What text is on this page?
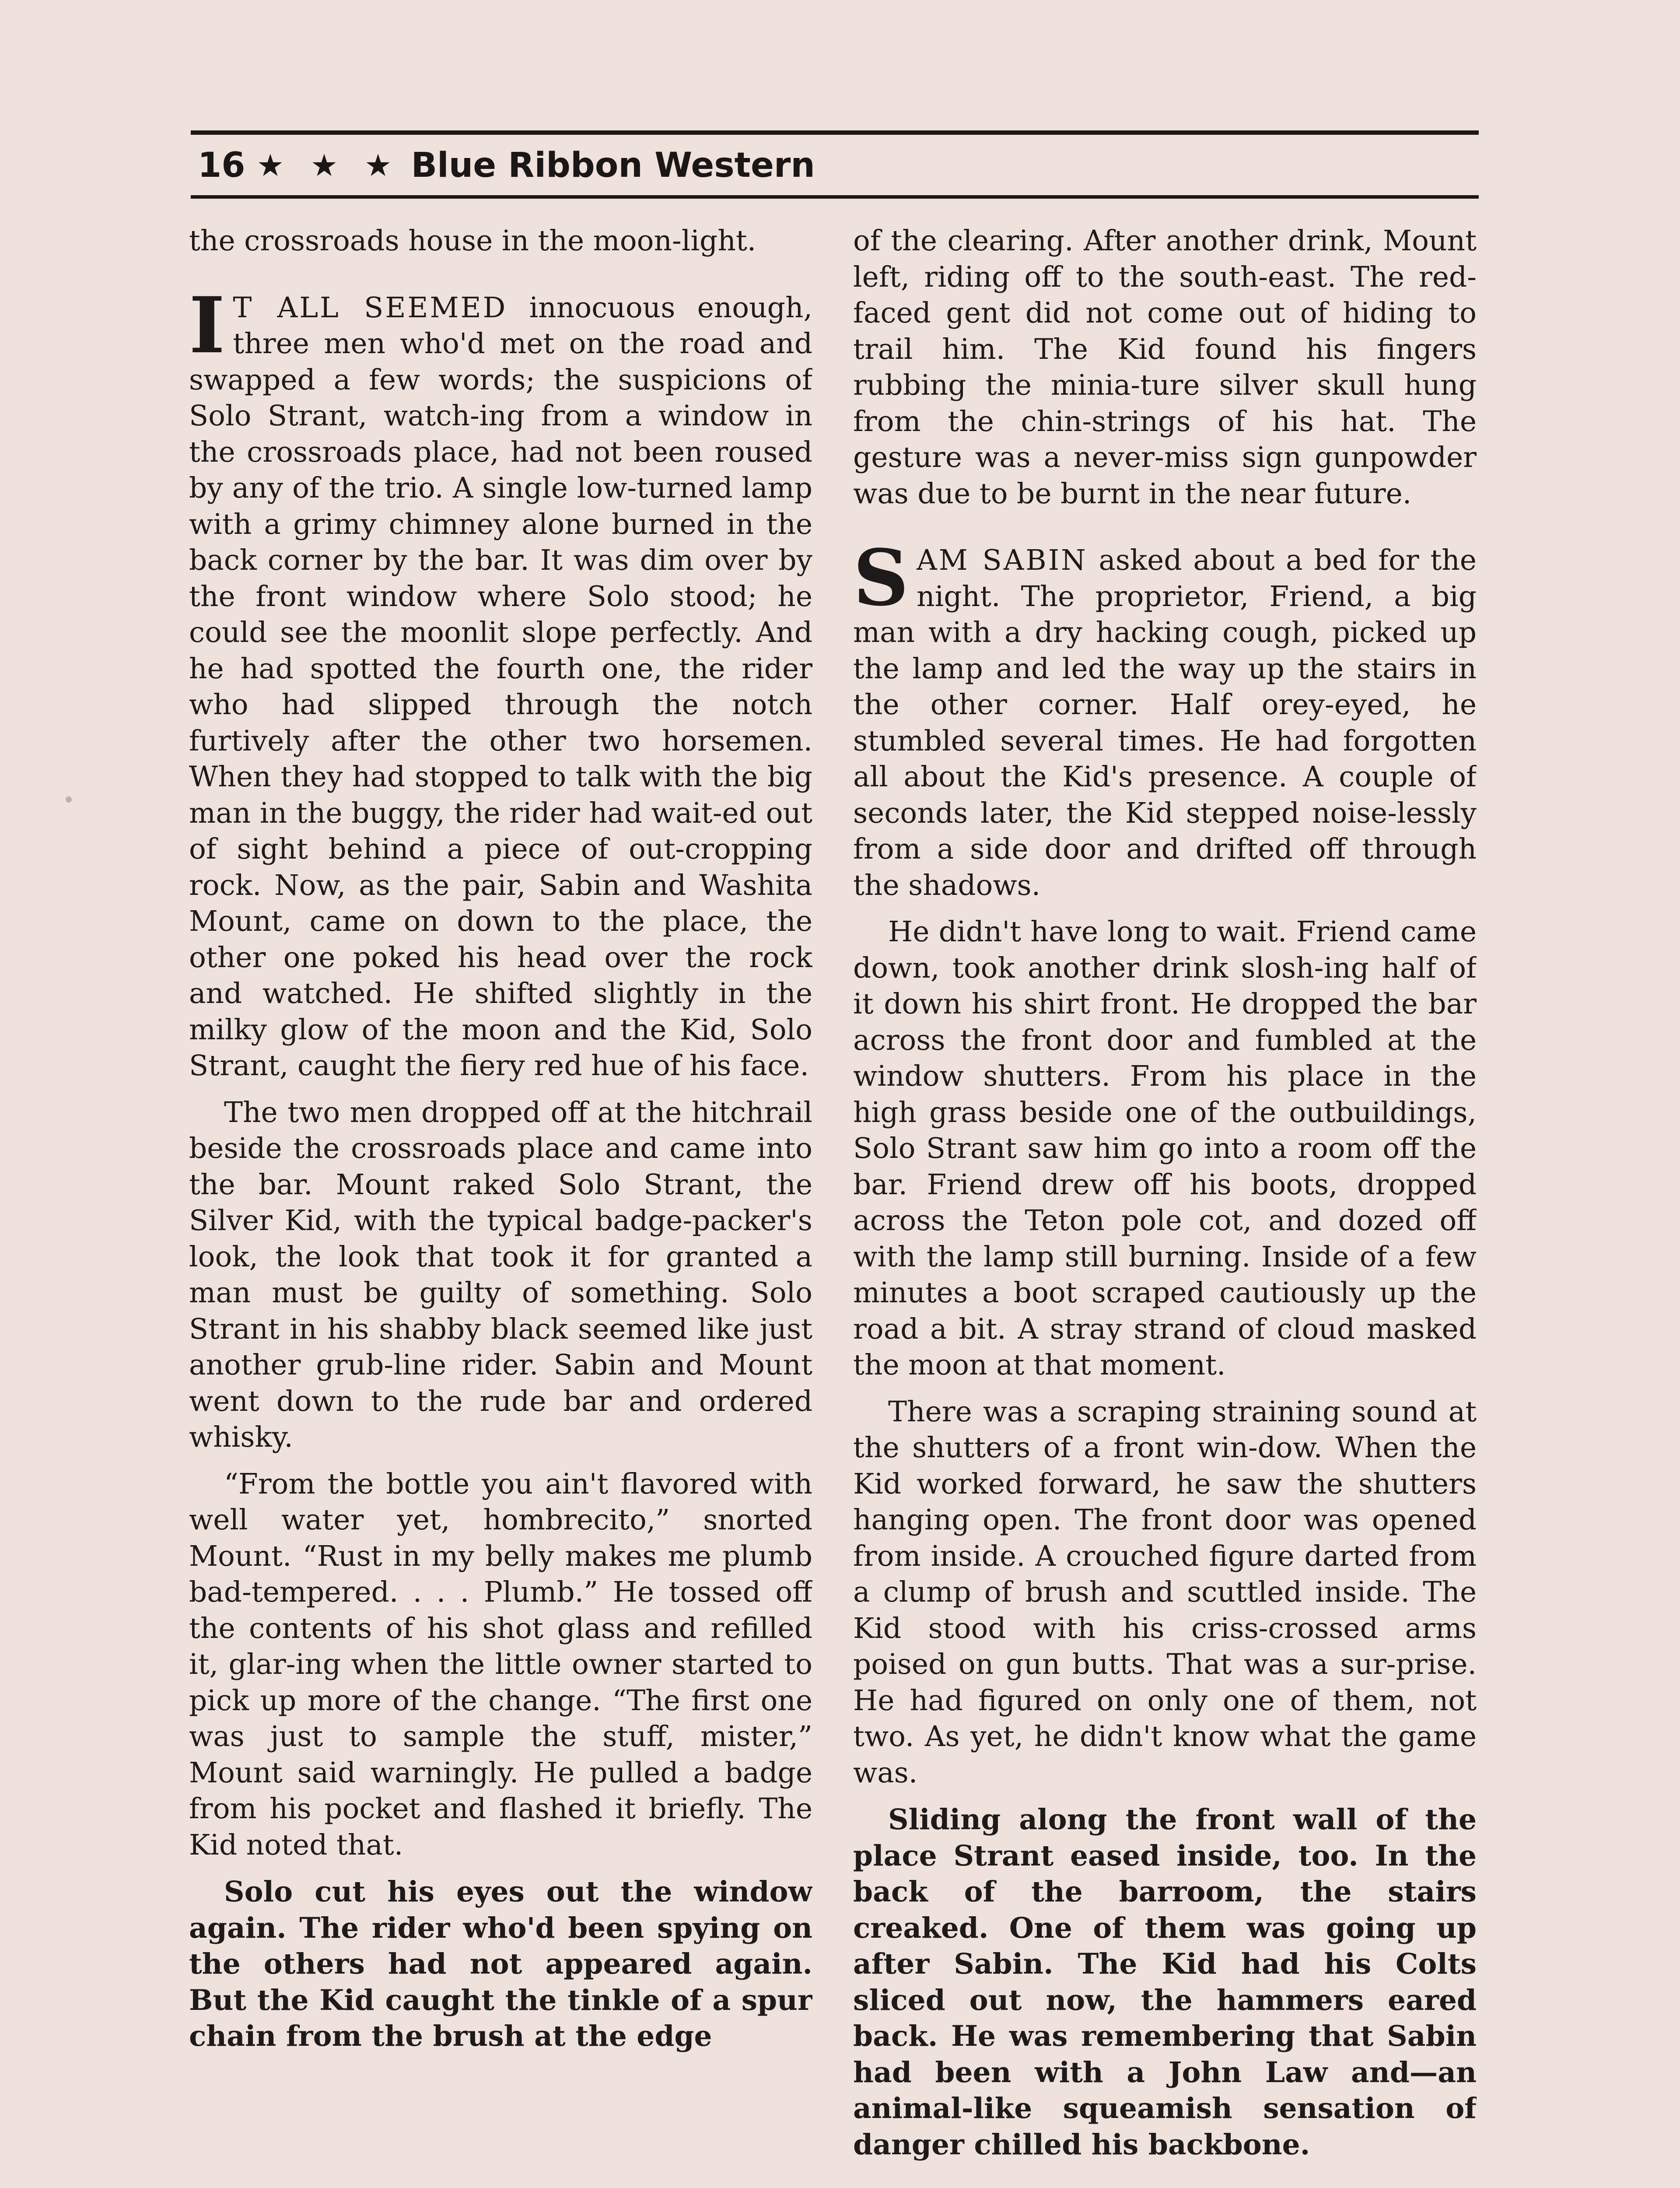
16 ★ ★ ★ Blue Ribbon Western

the crossroads house in the moon-light.

I T ALL SEEMED innocuous enough, three men who'd met on the road and swapped a few words; the suspicions of Solo Strant, watch-ing from a window in the crossroads place, had not been roused by any of the trio. A single low-turned lamp with a grimy chimney alone burned in the back corner by the bar. It was dim over by the front window where Solo stood; he could see the moonlit slope perfectly. And he had spotted the fourth one, the rider who had slipped through the notch furtively after the other two horsemen. When they had stopped to talk with the big man in the buggy, the rider had wait-ed out of sight behind a piece of out-cropping rock. Now, as the pair, Sabin and Washita Mount, came on down to the place, the other one poked his head over the rock and watched. He shifted slightly in the milky glow of the moon and the Kid, Solo Strant, caught the fiery red hue of his face.

The two men dropped off at the hitchrail beside the crossroads place and came into the bar. Mount raked Solo Strant, the Silver Kid, with the typical badge-packer's look, the look that took it for granted a man must be guilty of something. Solo Strant in his shabby black seemed like just another grub-line rider. Sabin and Mount went down to the rude bar and ordered whisky.

“From the bottle you ain't flavored with well water yet, hombrecito,” snorted Mount. “Rust in my belly makes me plumb bad-tempered. . . . Plumb.” He tossed off the contents of his shot glass and refilled it, glar-ing when the little owner started to pick up more of the change. “The first one was just to sample the stuff, mister,” Mount said warningly. He pulled a badge from his pocket and flashed it briefly. The Kid noted that.

Solo cut his eyes out the window again. The rider who'd been spying on the others had not appeared again. But the Kid caught the tinkle of a spur chain from the brush at the edge

of the clearing. After another drink, Mount left, riding off to the south-east. The red-faced gent did not come out of hiding to trail him. The Kid found his fingers rubbing the minia-ture silver skull hung from the chin-strings of his hat. The gesture was a never-miss sign gunpowder was due to be burnt in the near future.

SAM SABIN asked about a bed for the night. The proprietor, Friend, a big man with a dry hacking cough, picked up the lamp and led the way up the stairs in the other corner. Half orey-eyed, he stumbled several times. He had forgotten all about the Kid's presence. A couple of seconds later, the Kid stepped noise-lessly from a side door and drifted off through the shadows.

He didn't have long to wait. Friend came down, took another drink slosh-ing half of it down his shirt front. He dropped the bar across the front door and fumbled at the window shutters. From his place in the high grass beside one of the outbuildings, Solo Strant saw him go into a room off the bar. Friend drew off his boots, dropped across the Teton pole cot, and dozed off with the lamp still burning. Inside of a few minutes a boot scraped cautiously up the road a bit. A stray strand of cloud masked the moon at that moment.

There was a scraping straining sound at the shutters of a front win-dow. When the Kid worked forward, he saw the shutters hanging open. The front door was opened from inside. A crouched figure darted from a clump of brush and scuttled inside. The Kid stood with his criss-crossed arms poised on gun butts. That was a sur-prise. He had figured on only one of them, not two. As yet, he didn't know what the game was.

Sliding along the front wall of the place Strant eased inside, too. In the back of the barroom, the stairs creaked. One of them was going up after Sabin. The Kid had his Colts sliced out now, the hammers eared back. He was remembering that Sabin had been with a John Law and—an animal-like squeamish sensation of danger chilled his backbone.
